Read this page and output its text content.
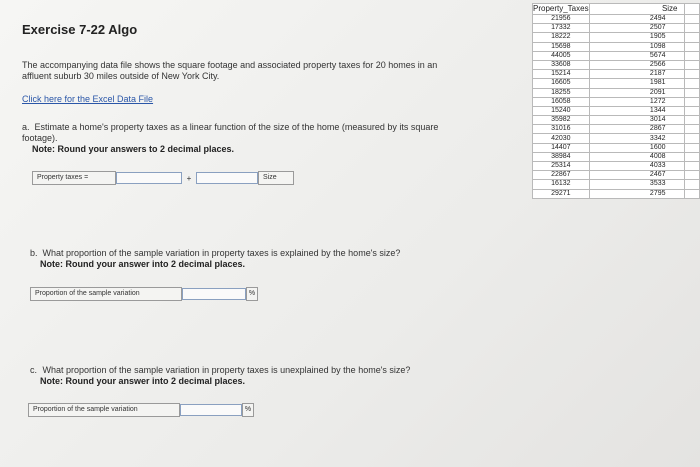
Exercise 7-22 Algo
The accompanying data file shows the square footage and associated property taxes for 20 homes in an affluent suburb 30 miles outside of New York City.
Click here for the Excel Data File
a. Estimate a home's property taxes as a linear function of the size of the home (measured by its square footage).
Note: Round your answers to 2 decimal places.
Property taxes =	+	Size
b. What proportion of the sample variation in property taxes is explained by the home's size?
Note: Round your answer into 2 decimal places.
Proportion of the sample variation	%
c. What proportion of the sample variation in property taxes is unexplained by the home's size?
Note: Round your answer into 2 decimal places.
Proportion of the sample variation	%
Property_Taxes	Size	
21956	2494	
17332	2507	
18222	1905	
15698	1098	
44005	5674	
33608	2566	
15214	2187	
16605	1981	
18255	2091	
16058	1272	
15240	1344	
35982	3014	
31016	2867	
42030	3342	
14407	1600	
38984	4008	
25314	4033	
22867	2467	
16132	3533	
29271	2795	
